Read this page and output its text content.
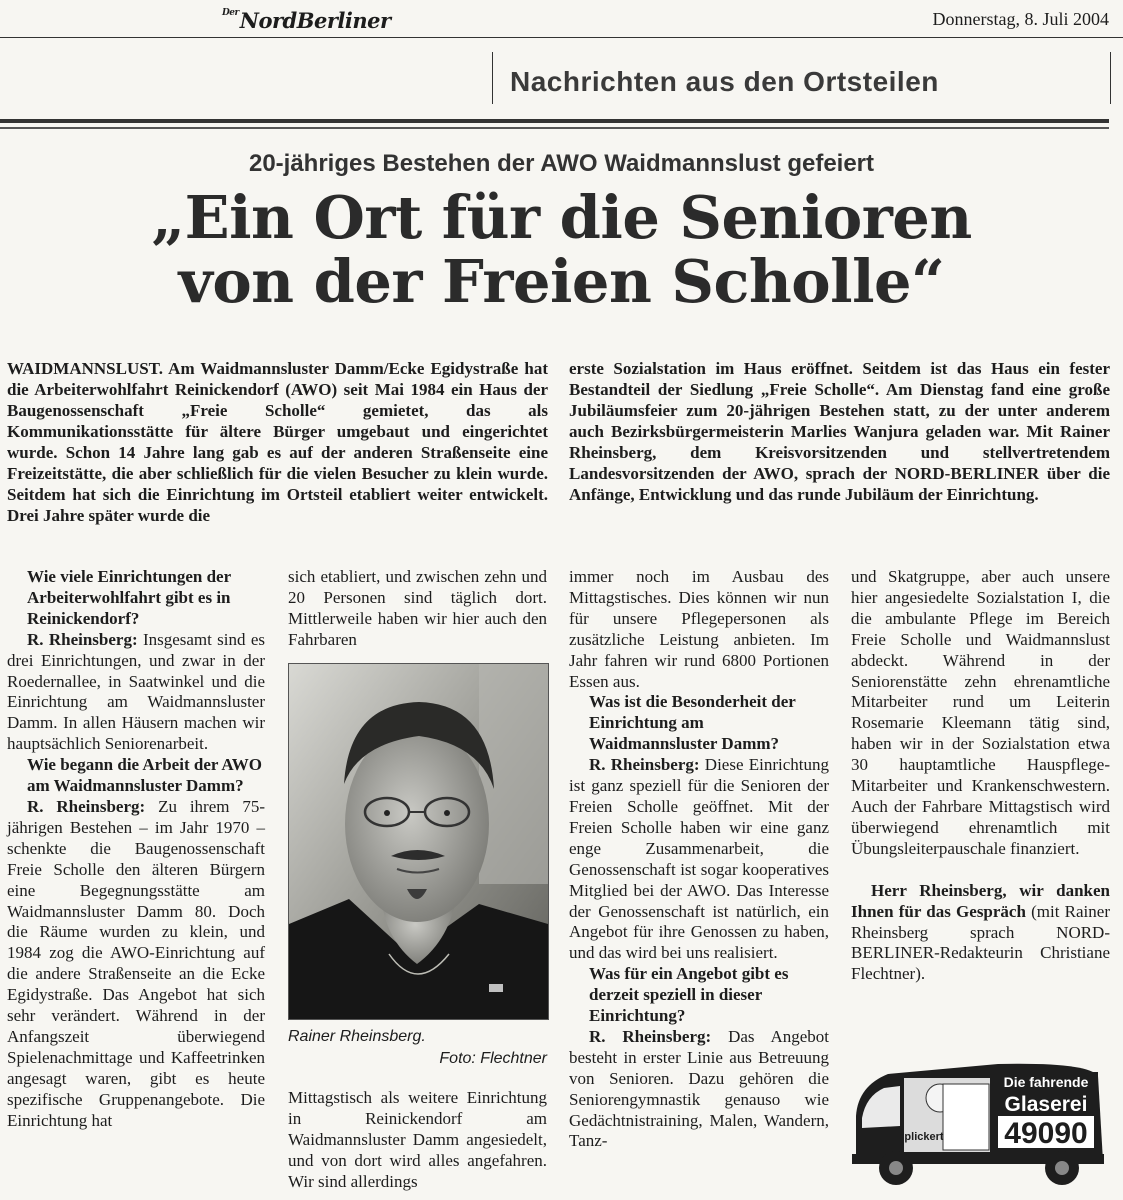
$^{Der}$NordBerliner	Donnerstag, 8. Juli 2004
Nachrichten aus den Ortsteilen
20-jähriges Bestehen der AWO Waidmannslust gefeiert
„Ein Ort für die Senioren
von der Freien Scholle“
WAIDMANNSLUST. Am Waidmannsluster Damm/Ecke Egidystraße hat die Arbeiterwohlfahrt Reinickendorf (AWO) seit Mai 1984 ein Haus der Baugenossenschaft „Freie Scholle“ gemietet, das als Kommunikationsstätte für ältere Bürger umgebaut und eingerichtet wurde. Schon 14 Jahre lang gab es auf der anderen Straßenseite eine Freizeitstätte, die aber schließlich für die vielen Besucher zu klein wurde. Seitdem hat sich die Einrichtung im Ortsteil etabliert weiter entwickelt. Drei Jahre später wurde die
erste Sozialstation im Haus eröffnet. Seitdem ist das Haus ein fester Bestandteil der Siedlung „Freie Scholle“. Am Dienstag fand eine große Jubiläumsfeier zum 20-jährigen Bestehen statt, zu der unter anderem auch Bezirksbürgermeisterin Marlies Wanjura geladen war. Mit Rainer Rheinsberg, dem Kreisvorsitzenden und stellvertretendem Landesvorsitzenden der AWO, sprach der NORD-BERLINER über die Anfänge, Entwicklung und das runde Jubiläum der Einrichtung.
Wie viele Einrichtungen der Arbeiterwohlfahrt gibt es in Reinickendorf?
R. Rheinsberg: Insgesamt sind es drei Einrichtungen, und zwar in der Roedernallee, in Saatwinkel und die Einrichtung am Waidmannsluster Damm. In allen Häusern machen wir hauptsächlich Seniorenarbeit.
Wie begann die Arbeit der AWO am Waidmannsluster Damm?
R. Rheinsberg: Zu ihrem 75-jährigen Bestehen – im Jahr 1970 – schenkte die Baugenossenschaft Freie Scholle den älteren Bürgern eine Begegnungsstätte am Waidmannsluster Damm 80. Doch die Räume wurden zu klein, und 1984 zog die AWO-Einrichtung auf die andere Straßenseite an die Ecke Egidystraße. Das Angebot hat sich sehr verändert. Während in der Anfangszeit überwiegend Spielenachmittage und Kaffeetrinken angesagt waren, gibt es heute spezifische Gruppenangebote. Die Einrichtung hat
sich etabliert, und zwischen zehn und 20 Personen sind täglich dort. Mittlerweile haben wir hier auch den Fahrbaren
Rainer Rheinsberg.
Foto: Flechtner
Mittagstisch als weitere Einrichtung in Reinickendorf am Waidmannsluster Damm angesiedelt, und von dort wird alles angefahren. Wir sind allerdings
immer noch im Ausbau des Mittagstisches. Dies können wir nun für unsere Pflegepersonen als zusätzliche Leistung anbieten. Im Jahr fahren wir rund 6800 Portionen Essen aus.
Was ist die Besonderheit der Einrichtung am Waidmannsluster Damm?
R. Rheinsberg: Diese Einrichtung ist ganz speziell für die Senioren der Freien Scholle geöffnet. Mit der Freien Scholle haben wir eine ganz enge Zusammenarbeit, die Genossenschaft ist sogar kooperatives Mitglied bei der AWO. Das Interesse der Genossenschaft ist natürlich, ein Angebot für ihre Genossen zu haben, und das wird bei uns realisiert.
Was für ein Angebot gibt es derzeit speziell in dieser Einrichtung?
R. Rheinsberg: Das Angebot besteht in erster Linie aus Betreuung von Senioren. Dazu gehören die Seniorengymnastik genauso wie Gedächtnistraining, Malen, Wandern, Tanz-
und Skatgruppe, aber auch unsere hier angesiedelte Sozialstation I, die die ambulante Pflege im Bereich Freie Scholle und Waidmannslust abdeckt. Während in der Seniorenstätte zehn ehrenamtliche Mitarbeiter rund um Leiterin Rosemarie Kleemann tätig sind, haben wir in der Sozialstation etwa 30 hauptamtliche Hauspflege-Mitarbeiter und Krankenschwestern. Auch der Fahrbare Mittagstisch wird überwiegend ehrenamtlich mit Übungsleiterpauschale finanziert.
Herr Rheinsberg, wir danken Ihnen für das Gespräch (mit Rainer Rheinsberg sprach NORD-BERLINER-Redakteurin Christiane Flechtner).
Die fahrende
Glaserei
49090
plickert
